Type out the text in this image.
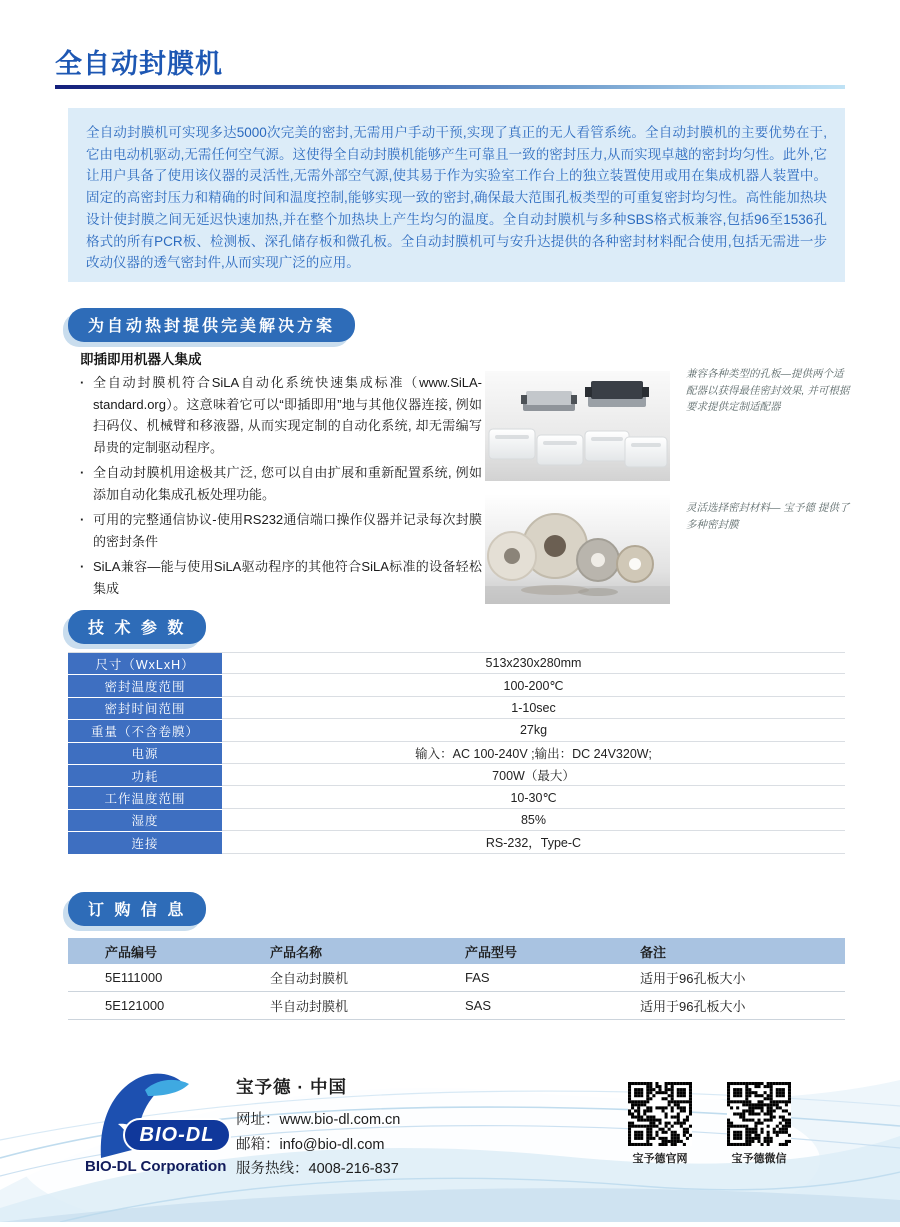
全自动封膜机

全自动封膜机可实现多达5000次完美的密封,无需用户手动干预,实现了真正的无人看管系统。全自动封膜机的主要优势在于,它由电动机驱动,无需任何空气源。这使得全自动封膜机能够产生可靠且一致的密封压力,从而实现卓越的密封均匀性。此外,它让用户具备了使用该仪器的灵活性,无需外部空气源,使其易于作为实验室工作台上的独立装置使用或用在集成机器人装置中。固定的高密封压力和精确的时间和温度控制,能够实现一致的密封,确保最大范围孔板类型的可重复密封均匀性。高性能加热块设计使封膜之间无延迟快速加热,并在整个加热块上产生均匀的温度。全自动封膜机与多种SBS格式板兼容,包括96至1536孔格式的所有PCR板、检测板、深孔储存板和微孔板。全自动封膜机可与安升达提供的各种密封材料配合使用,包括无需进一步改动仪器的透气密封件,从而实现广泛的应用。

为自动热封提供完美解决方案
即插即用机器人集成
· 全自动封膜机符合SiLA自动化系统快速集成标准（www.SiLA-standard.org）。这意味着它可以“即插即用”地与其他仪器连接, 例如扫码仪、机械臂和移液器, 从而实现定制的自动化系统, 却无需编写昂贵的定制驱动程序。
· 全自动封膜机用途极其广泛, 您可以自由扩展和重新配置系统, 例如添加自动化集成孔板处理功能。
· 可用的完整通信协议-使用RS232通信端口操作仪器并记录每次封膜的密封条件
· SiLA兼容—能与使用SiLA驱动程序的其他符合SiLA标准的设备轻松集成
兼容各种类型的孔板—提供两个适配器以获得最佳密封效果, 并可根据要求提供定制适配器
灵活选择密封材料— 宝予德 提供了多种密封膜
技 术 参 数
尺寸（WxLxH）	513x230x280mm
密封温度范围	100-200℃
密封时间范围	1-10sec
重量（不含卷膜）	27kg
电源	输入：AC 100-240V ;输出：DC 24V320W;
功耗	700W（最大）
工作温度范围	10-30℃
湿度	85%
连接	RS-232，Type-C
订 购 信 息
产品编号	产品名称	产品型号	备注
5E111000	全自动封膜机	FAS	适用于96孔板大小
5E121000	半自动封膜机	SAS	适用于96孔板大小
BIO-DL
BIO-DL Corporation
宝予德 · 中国
网址：www.bio-dl.com.cn
邮箱：info@bio-dl.com
服务热线：4008-216-837
宝予德官网	宝予德微信
